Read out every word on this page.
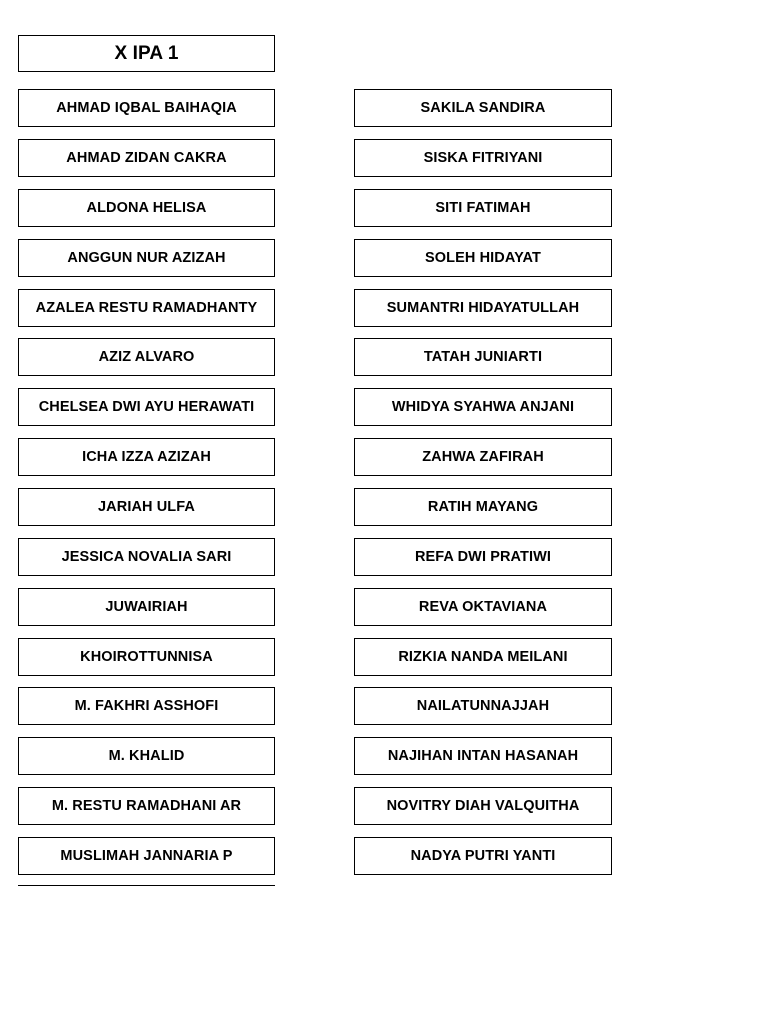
X IPA 1
AHMAD IQBAL BAIHAQIA
AHMAD ZIDAN CAKRA
ALDONA HELISA
ANGGUN NUR AZIZAH
AZALEA RESTU RAMADHANTY
AZIZ ALVARO
CHELSEA DWI AYU HERAWATI
ICHA IZZA AZIZAH
JARIAH ULFA
JESSICA NOVALIA SARI
JUWAIRIAH
KHOIROTTUNNISA
M. FAKHRI ASSHOFI
M. KHALID
M. RESTU RAMADHANI AR
MUSLIMAH JANNARIA P
SAKILA SANDIRA
SISKA FITRIYANI
SITI FATIMAH
SOLEH HIDAYAT
SUMANTRI HIDAYATULLAH
TATAH JUNIARTI
WHIDYA SYAHWA ANJANI
ZAHWA ZAFIRAH
RATIH MAYANG
REFA DWI PRATIWI
REVA OKTAVIANA
RIZKIA NANDA MEILANI
NAILATUNNAJJAH
NAJIHAN INTAN HASANAH
NOVITRY DIAH VALQUITHA
NADYA PUTRI YANTI
